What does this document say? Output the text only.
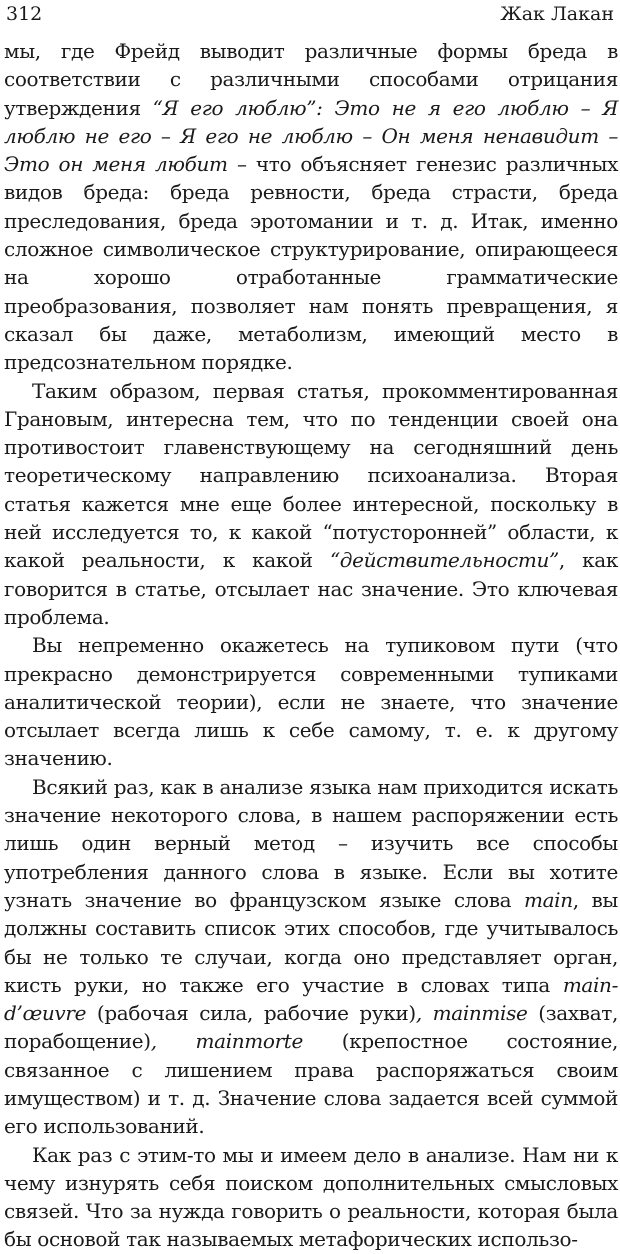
312	Жак Лакан

мы, где Фрейд выводит различные формы бреда в соответствии с различными способами отрицания утверждения “Я его люблю”: Это не я его люблю – Я люблю не его – Я его не люблю – Он меня ненавидит – Это он меня любит – что объясняет генезис различных видов бреда: бреда ревности, бреда страсти, бреда преследования, бреда эротомании и т. д. Итак, именно сложное символическое структурирование, опирающееся на хорошо отработанные грамматические преобразования, позволяет нам понять превращения, я сказал бы даже, метаболизм, имеющий место в предсознательном порядке.

Таким образом, первая статья, прокомментированная Грановым, интересна тем, что по тенденции своей она противостоит главенствующему на сегодняшний день теоретическому направлению психоанализа. Вторая статья кажется мне еще более интересной, поскольку в ней исследуется то, к какой “потусторонней” области, к какой реальности, к какой “действительности”, как говорится в статье, отсылает нас значение. Это ключевая проблема.

Вы непременно окажетесь на тупиковом пути (что прекрасно демонстрируется современными тупиками аналитической теории), если не знаете, что значение отсылает всегда лишь к себе самому, т. е. к другому значению.

Всякий раз, как в анализе языка нам приходится искать значение некоторого слова, в нашем распоряжении есть лишь один верный метод – изучить все способы употребления данного слова в языке. Если вы хотите узнать значение во французском языке слова main, вы должны составить список этих способов, где учитывалось бы не только те случаи, когда оно представляет орган, кисть руки, но также его участие в словах типа main-d’œuvre (рабочая сила, рабочие руки), mainmise (захват, порабощение), mainmorte (крепостное состояние, связанное с лишением права распоряжаться своим имуществом) и т. д. Значение слова задается всей суммой его использований.

Как раз с этим-то мы и имеем дело в анализе. Нам ни к чему изнурять себя поиском дополнительных смысловых связей. Что за нужда говорить о реальности, которая была бы основой так называемых метафорических использо-
